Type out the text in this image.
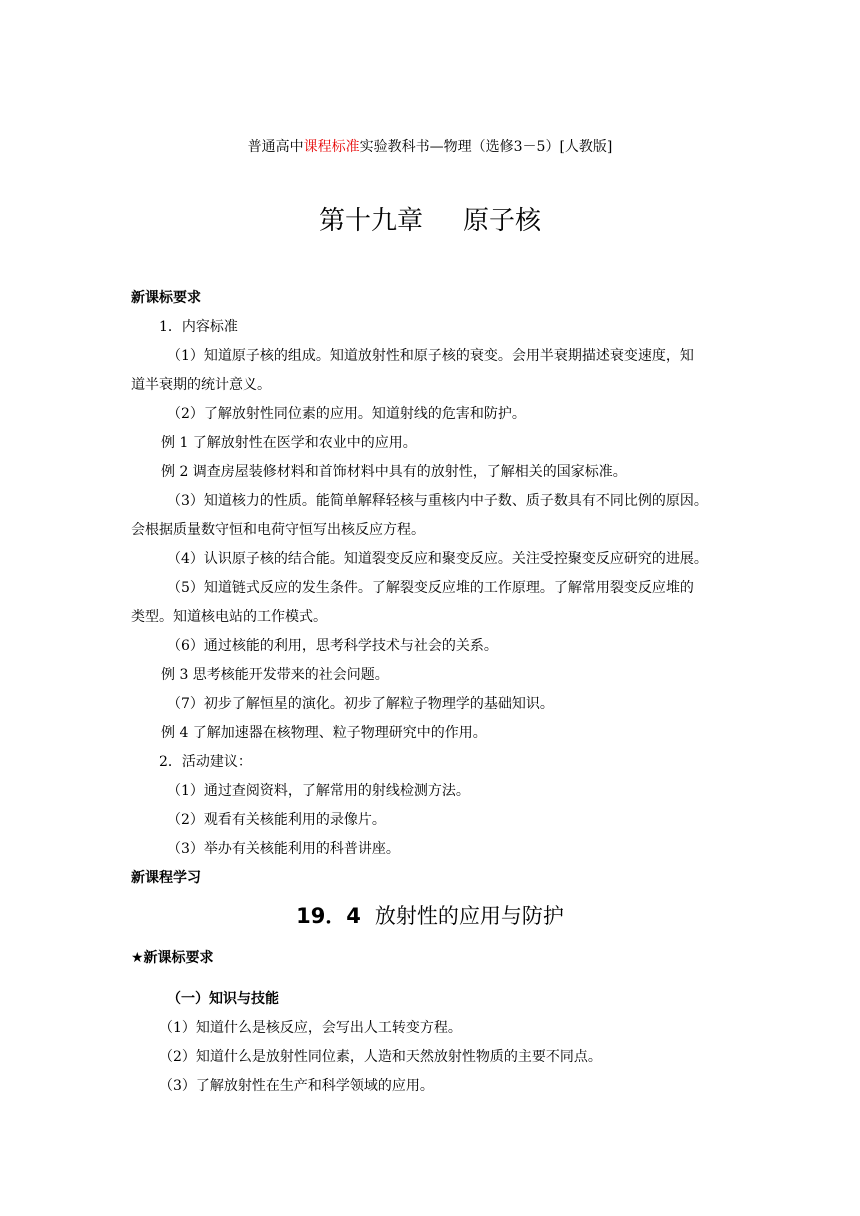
普通高中课程标准实验教科书—物理（选修3－5）[人教版]
第十九章 原子核
新课标要求
1．内容标准
（1）知道原子核的组成。知道放射性和原子核的衰变。会用半衰期描述衰变速度，知
道半衰期的统计意义。
（2）了解放射性同位素的应用。知道射线的危害和防护。
例 1 了解放射性在医学和农业中的应用。
例 2 调查房屋装修材料和首饰材料中具有的放射性，了解相关的国家标准。
（3）知道核力的性质。能简单解释轻核与重核内中子数、质子数具有不同比例的原因。
会根据质量数守恒和电荷守恒写出核反应方程。
（4）认识原子核的结合能。知道裂变反应和聚变反应。关注受控聚变反应研究的进展。
（5）知道链式反应的发生条件。了解裂变反应堆的工作原理。了解常用裂变反应堆的
类型。知道核电站的工作模式。
（6）通过核能的利用，思考科学技术与社会的关系。
例 3 思考核能开发带来的社会问题。
（7）初步了解恒星的演化。初步了解粒子物理学的基础知识。
例 4 了解加速器在核物理、粒子物理研究中的作用。
2．活动建议：
（1）通过查阅资料，了解常用的射线检测方法。
（2）观看有关核能利用的录像片。
（3）举办有关核能利用的科普讲座。
新课程学习
19．4 放射性的应用与防护
★新课标要求
（一）知识与技能
（1）知道什么是核反应，会写出人工转变方程。
（2）知道什么是放射性同位素，人造和天然放射性物质的主要不同点。
（3）了解放射性在生产和科学领域的应用。
